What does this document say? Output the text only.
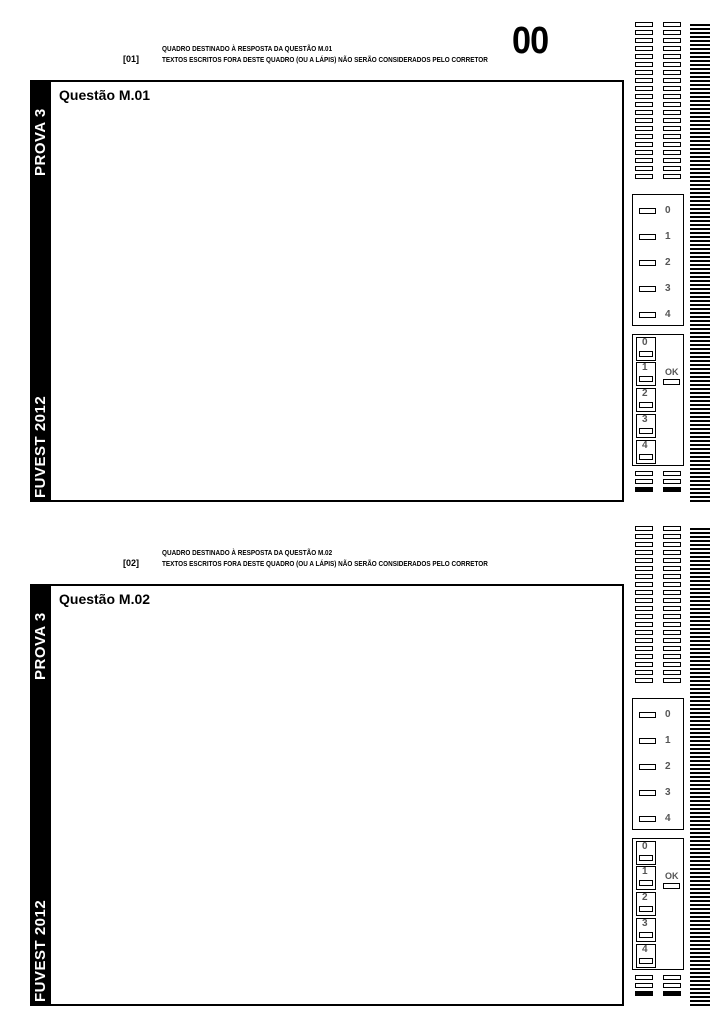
00
QUADRO DESTINADO À RESPOSTA DA QUESTÃO M.01
[01]	TEXTOS ESCRITOS FORA DESTE QUADRO (OU A LÁPIS) NÃO SERÃO CONSIDERADOS PELO CORRETOR
PROVA 3
FUVEST 2012
Questão M.01
0
1
2
3
4
0
1
2
3
4
OK
QUADRO DESTINADO À RESPOSTA DA QUESTÃO M.02
[02]	TEXTOS ESCRITOS FORA DESTE QUADRO (OU A LÁPIS) NÃO SERÃO CONSIDERADOS PELO CORRETOR
PROVA 3
FUVEST 2012
Questão M.02
0
1
2
3
4
0
1
2
3
4
OK
